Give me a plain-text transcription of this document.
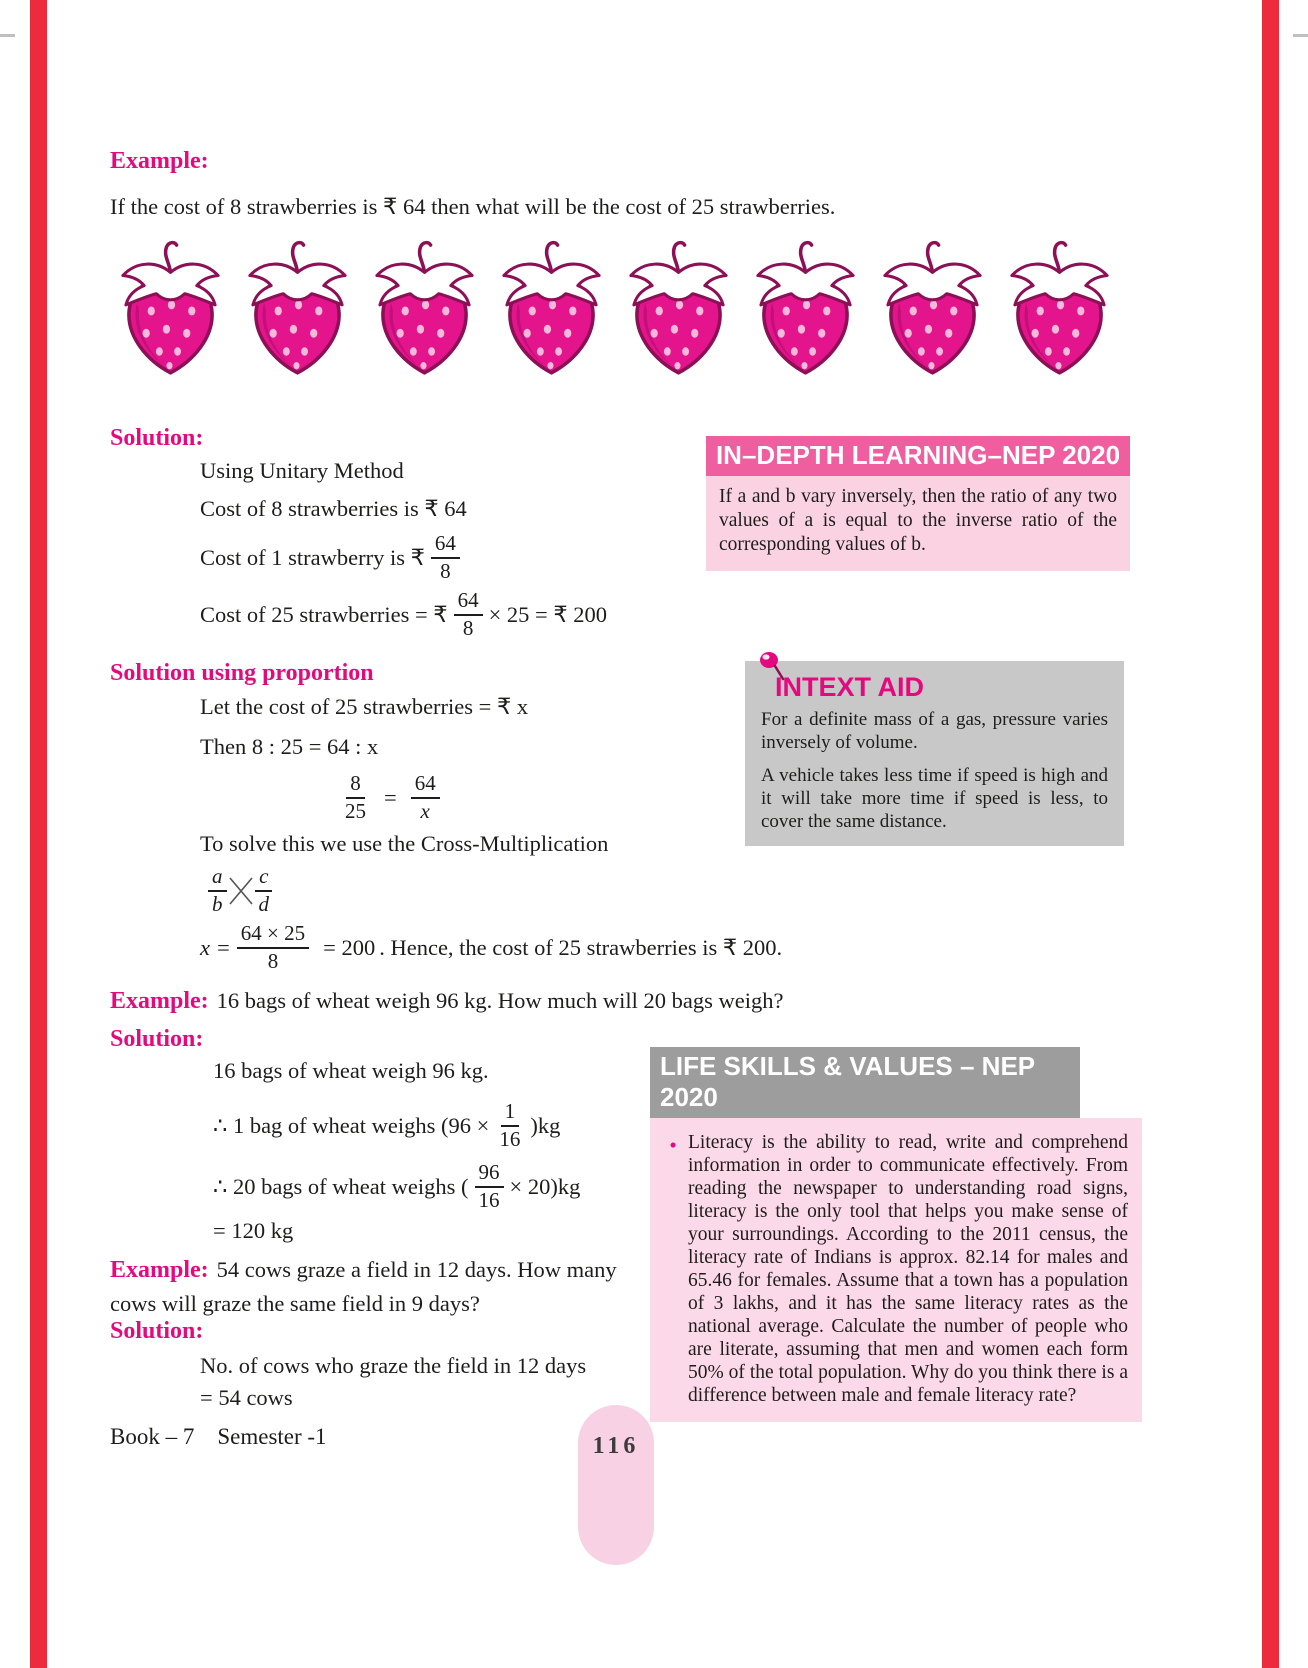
Example:
If the cost of 8 strawberries is ₹ 64 then what will be the cost of 25 strawberries.
Solution:
Using Unitary Method
Cost of 8 strawberries is ₹ 64
Cost of 1 strawberry is ₹ $\frac{64}{8}$
Cost of 25 strawberries = ₹ $\frac{64}{8} \times 25$ = ₹ 200
IN–DEPTH LEARNING–NEP 2020
If a and b vary inversely, then the ratio of any two values of a is equal to the inverse ratio of the corresponding values of b.
Solution using proportion
Let the cost of 25 strawberries = ₹ x
Then 8 : 25 = 64 : x
$\frac{8}{25} = \frac{64}{x}$
To solve this we use the Cross-Multiplication
$\frac{a}{b} \frac{c}{d}$
$x = \frac{64 \times 25}{8} = 200$ . Hence, the cost of 25 strawberries is ₹ 200.
INTEXT AID
For a definite mass of a gas, pressure varies inversely of volume.
A vehicle takes less time if speed is high and it will take more time if speed is less, to cover the same distance.
Example: 16 bags of wheat weigh 96 kg. How much will 20 bags weigh?
Solution:
16 bags of wheat weigh 96 kg.
∴ 1 bag of wheat weighs $(96 \times \frac{1}{16} )kg$
∴ 20 bags of wheat weighs ( $\frac{96}{16} \times 20)kg$
= 120 kg
Example: 54 cows graze a field in 12 days. How many cows will graze the same field in 9 days?
Solution:
No. of cows who graze the field in 12 days
= 54 cows
LIFE SKILLS & VALUES – NEP 2020
• Literacy is the ability to read, write and comprehend information in order to communicate effectively. From reading the newspaper to understanding road signs, literacy is the only tool that helps you make sense of your surroundings. According to the 2011 census, the literacy rate of Indians is approx. 82.14 for males and 65.46 for females. Assume that a town has a population of 3 lakhs, and it has the same literacy rates as the national average. Calculate the number of people who are literate, assuming that men and women each form 50% of the total population. Why do you think there is a difference between male and female literacy rate?
Book – 7    Semester -1	116
